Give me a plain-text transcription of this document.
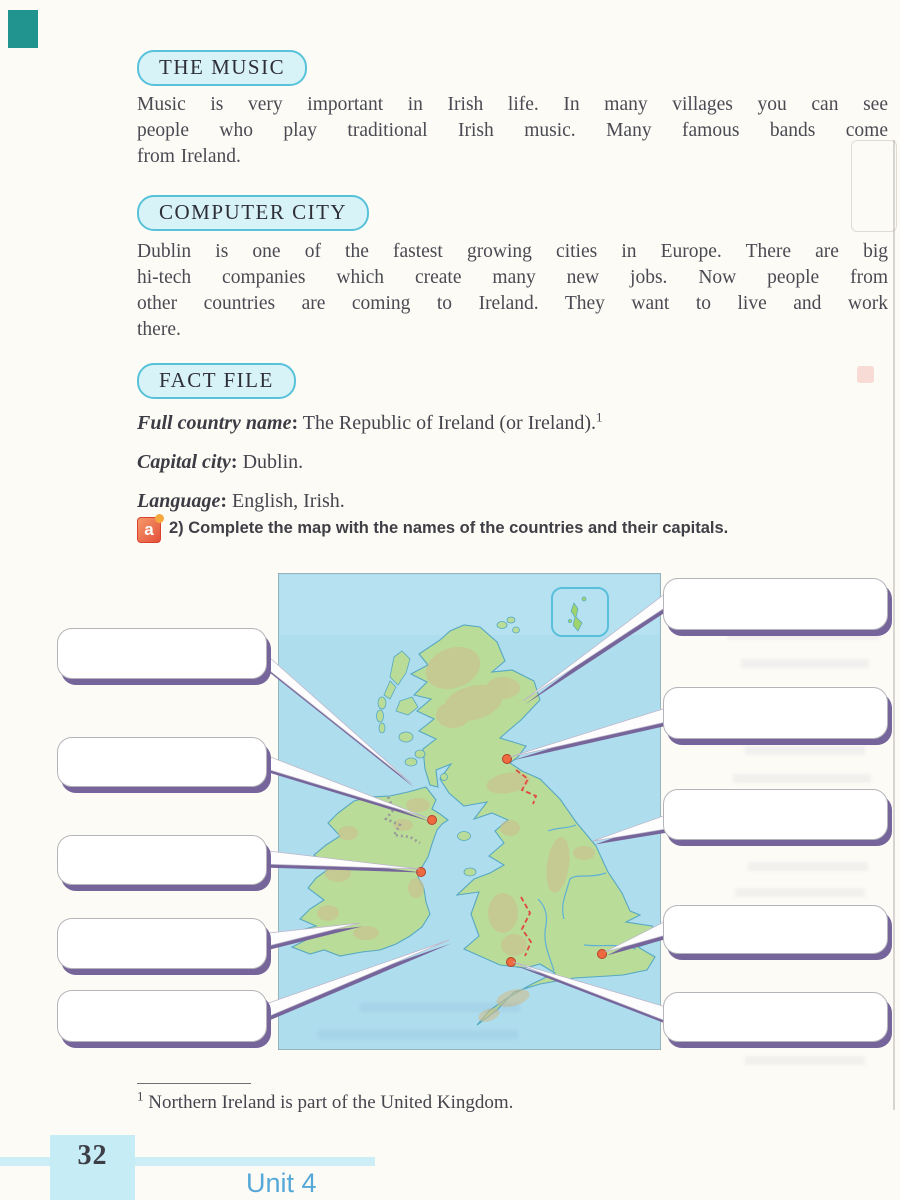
THE MUSIC
Music is very important in Irish life. In many villages you can see
people who play traditional Irish music. Many famous bands come
from Ireland.
COMPUTER CITY
Dublin is one of the fastest growing cities in Europe. There are big
hi-tech companies which create many new jobs. Now people from
other countries are coming to Ireland. They want to live and work
there.
FACT FILE
Full country name: The Republic of Ireland (or Ireland).$^1$
Capital city: Dublin.
Language: English, Irish.
a 2) Complete the map with the names of the countries and their capitals.
$^1$ Northern Ireland is part of the United Kingdom.
32
Unit 4
